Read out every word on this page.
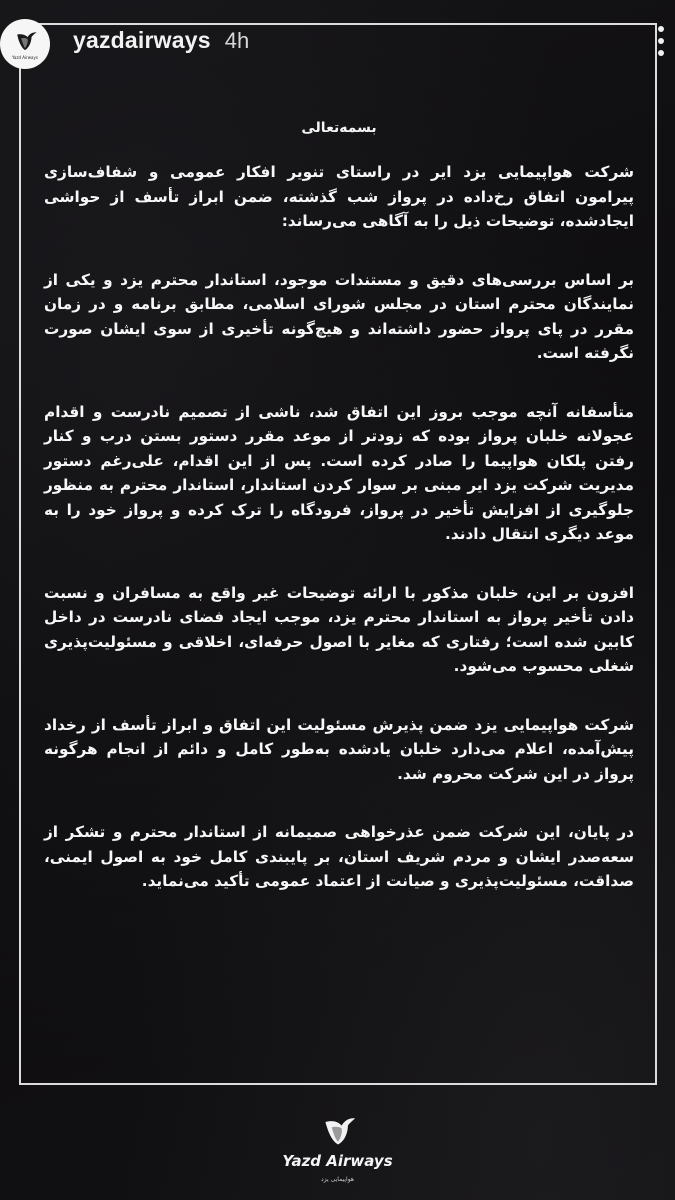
Yazd Airways
yazdairways 4h
بسمه‌تعالی

شرکت هواپیمایی یزد ایر در راستای تنویر افکار عمومی و شفاف‌سازی پیرامون اتفاق رخ‌داده در پرواز شب گذشته، ضمن ابراز تأسف از حواشی ایجادشده، توضیحات ذیل را به آگاهی می‌رساند:

بر اساس بررسی‌های دقیق و مستندات موجود، استاندار محترم یزد و یکی از نمایندگان محترم استان در مجلس شورای اسلامی، مطابق برنامه و در زمان مقرر در پای پرواز حضور داشته‌اند و هیچ‌گونه تأخیری از سوی ایشان صورت نگرفته است.

متأسفانه آنچه موجب بروز این اتفاق شد، ناشی از تصمیم نادرست و اقدام عجولانه خلبان پرواز بوده که زودتر از موعد مقرر دستور بستن درب و کنار رفتن پلکان هواپیما را صادر کرده است. پس از این اقدام، علی‌رغم دستور مدیریت شرکت یزد ایر مبنی بر سوار کردن استاندار، استاندار محترم به منظور جلوگیری از افزایش تأخیر در پرواز، فرودگاه را ترک کرده و پرواز خود را به موعد دیگری انتقال دادند.

افزون بر این، خلبان مذکور با ارائه توضیحات غیر واقع به مسافران و نسبت دادن تأخیر پرواز به استاندار محترم یزد، موجب ایجاد فضای نادرست در داخل کابین شده است؛ رفتاری که مغایر با اصول حرفه‌ای، اخلاقی و مسئولیت‌پذیری شغلی محسوب می‌شود.

شرکت هواپیمایی یزد ضمن پذیرش مسئولیت این اتفاق و ابراز تأسف از رخداد پیش‌آمده، اعلام می‌دارد خلبان یادشده به‌طور کامل و دائم از انجام هرگونه پرواز در این شرکت محروم شد.

در پایان، این شرکت ضمن عذرخواهی صمیمانه از استاندار محترم و تشکر از سعه‌صدر ایشان و مردم شریف استان، بر پایبندی کامل خود به اصول ایمنی، صداقت، مسئولیت‌پذیری و صیانت از اعتماد عمومی تأکید می‌نماید.

Yazd Airways
هواپیمایی یزد
